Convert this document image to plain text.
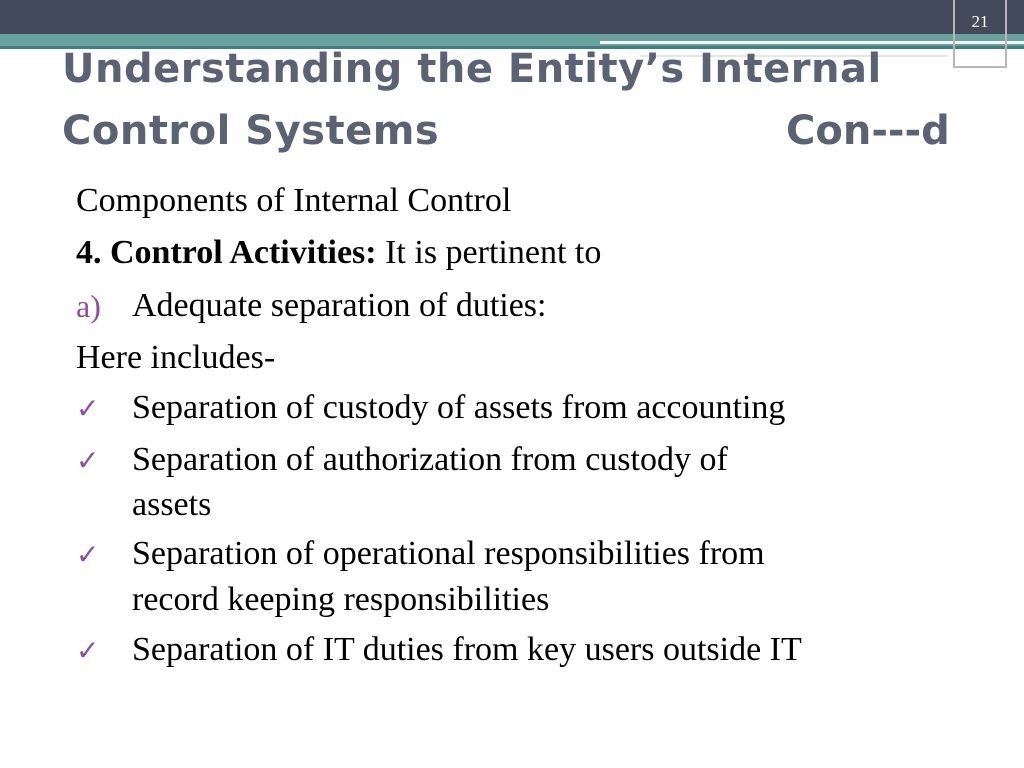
21
Understanding the Entity’s Internal
Control Systems	Con---d
Components of Internal Control
4. Control Activities: It is pertinent to
a) Adequate separation of duties:
Here includes-
✓ Separation of custody of assets from accounting
✓ Separation of authorization from custody of
assets
✓ Separation of operational responsibilities from
record keeping responsibilities
✓ Separation of IT duties from key users outside IT
